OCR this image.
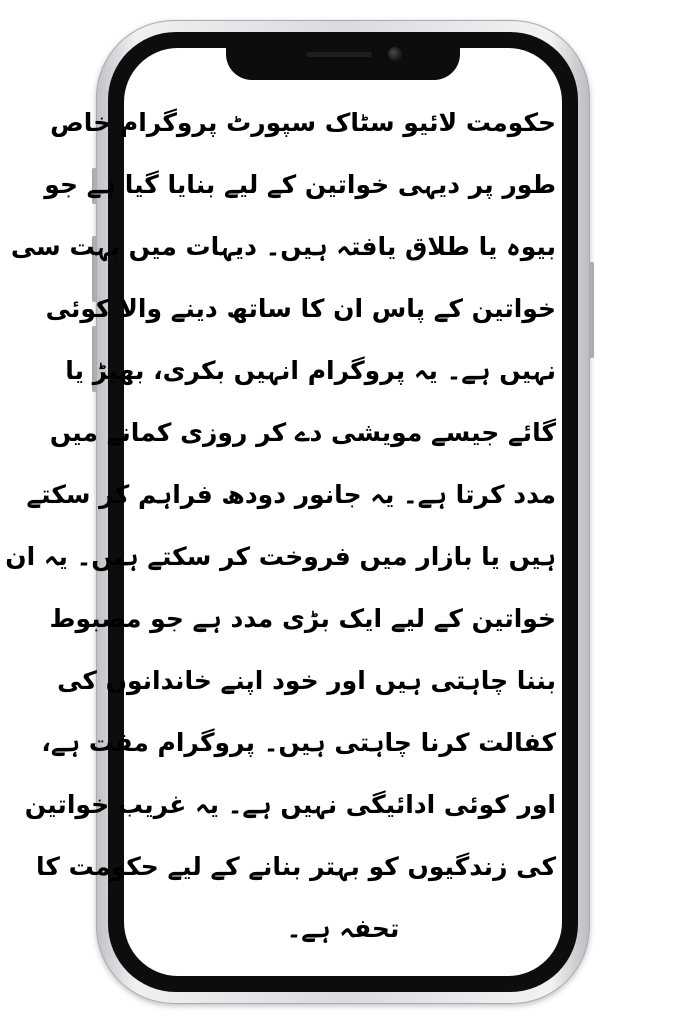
حکومت لائیو سٹاک سپورٹ پروگرام خاص
طور پر دیہی خواتین کے لیے بنایا گیا ہے جو
بیوہ یا طلاق یافتہ ہیں۔ دیہات میں بہت سی
خواتین کے پاس ان کا ساتھ دینے والا کوئی
نہیں ہے۔ یہ پروگرام انہیں بکری، بھیڑ یا
گائے جیسے مویشی دے کر روزی کمانے میں
مدد کرتا ہے۔ یہ جانور دودھ فراہم کر سکتے
ہیں یا بازار میں فروخت کر سکتے ہیں۔ یہ ان
خواتین کے لیے ایک بڑی مدد ہے جو مضبوط
بننا چاہتی ہیں اور خود اپنے خاندانوں کی
کفالت کرنا چاہتی ہیں۔ پروگرام مفت ہے،
اور کوئی ادائیگی نہیں ہے۔ یہ غریب خواتین
کی زندگیوں کو بہتر بنانے کے لیے حکومت کا
تحفہ ہے۔
